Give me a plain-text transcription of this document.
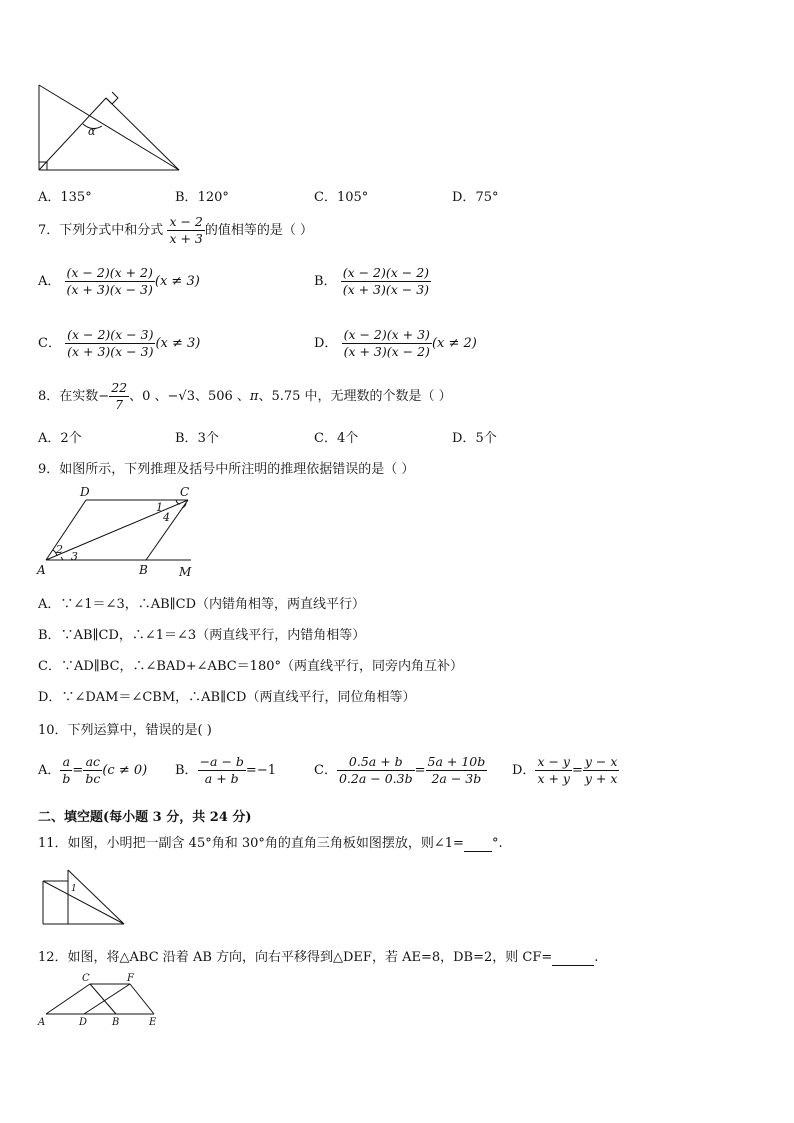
α
A．135°	B．120°	C．105°	D．75°
7．下列分式中和分式 $\frac{x - 2}{x + 3}$ 的值相等的是（ ）
A． $\frac{(x - 2)(x + 2)}{(x + 3)(x - 3)} (x \ne 3)$	B． $\frac{(x - 2)(x - 2)}{(x + 3)(x - 3)}$
C． $\frac{(x - 2)(x - 3)}{(x + 3)(x - 3)} (x \ne 3)$	D． $\frac{(x - 2)(x + 3)}{(x + 3)(x - 2)} (x \ne 2)$
8．在实数− $\frac{22}{7}$ 、0 、−√3、506 、π、5.75 中，无理数的个数是（ ）
A．2个	B．3个	C．4个	D．5个
9．如图所示，下列推理及括号中所注明的推理依据错误的是（ ）
D	C
A	B	M
1
4
2
3
A．∵∠1＝∠3，∴AB∥CD（内错角相等，两直线平行）
B．∵AB∥CD，∴∠1＝∠3（两直线平行，内错角相等）
C．∵AD∥BC，∴∠BAD+∠ABC＝180°（两直线平行，同旁内角互补）
D．∵∠DAM＝∠CBM，∴AB∥CD（两直线平行，同位角相等）
10．下列运算中，错误的是( )
A． $\frac{a}{b} = \frac{ac}{bc} (c \ne 0)$ B． $\frac{-a - b}{a + b} =-1$	C． $\frac{0.5a + b}{0.2a - 0.3b} = \frac{5a + 10b}{2a - 3b}$ D． $\frac{x - y}{x + y} = \frac{y - x}{y + x}$
二、填空题(每小题 3 分，共 24 分)
11．如图，小明把一副含 45°角和 30°角的直角三角板如图摆放，则∠1= °.
1
12．如图，将△ABC 沿着 AB 方向，向右平移得到△DEF，若 AE=8，DB=2，则 CF=	.
C	F
A	D B	E
